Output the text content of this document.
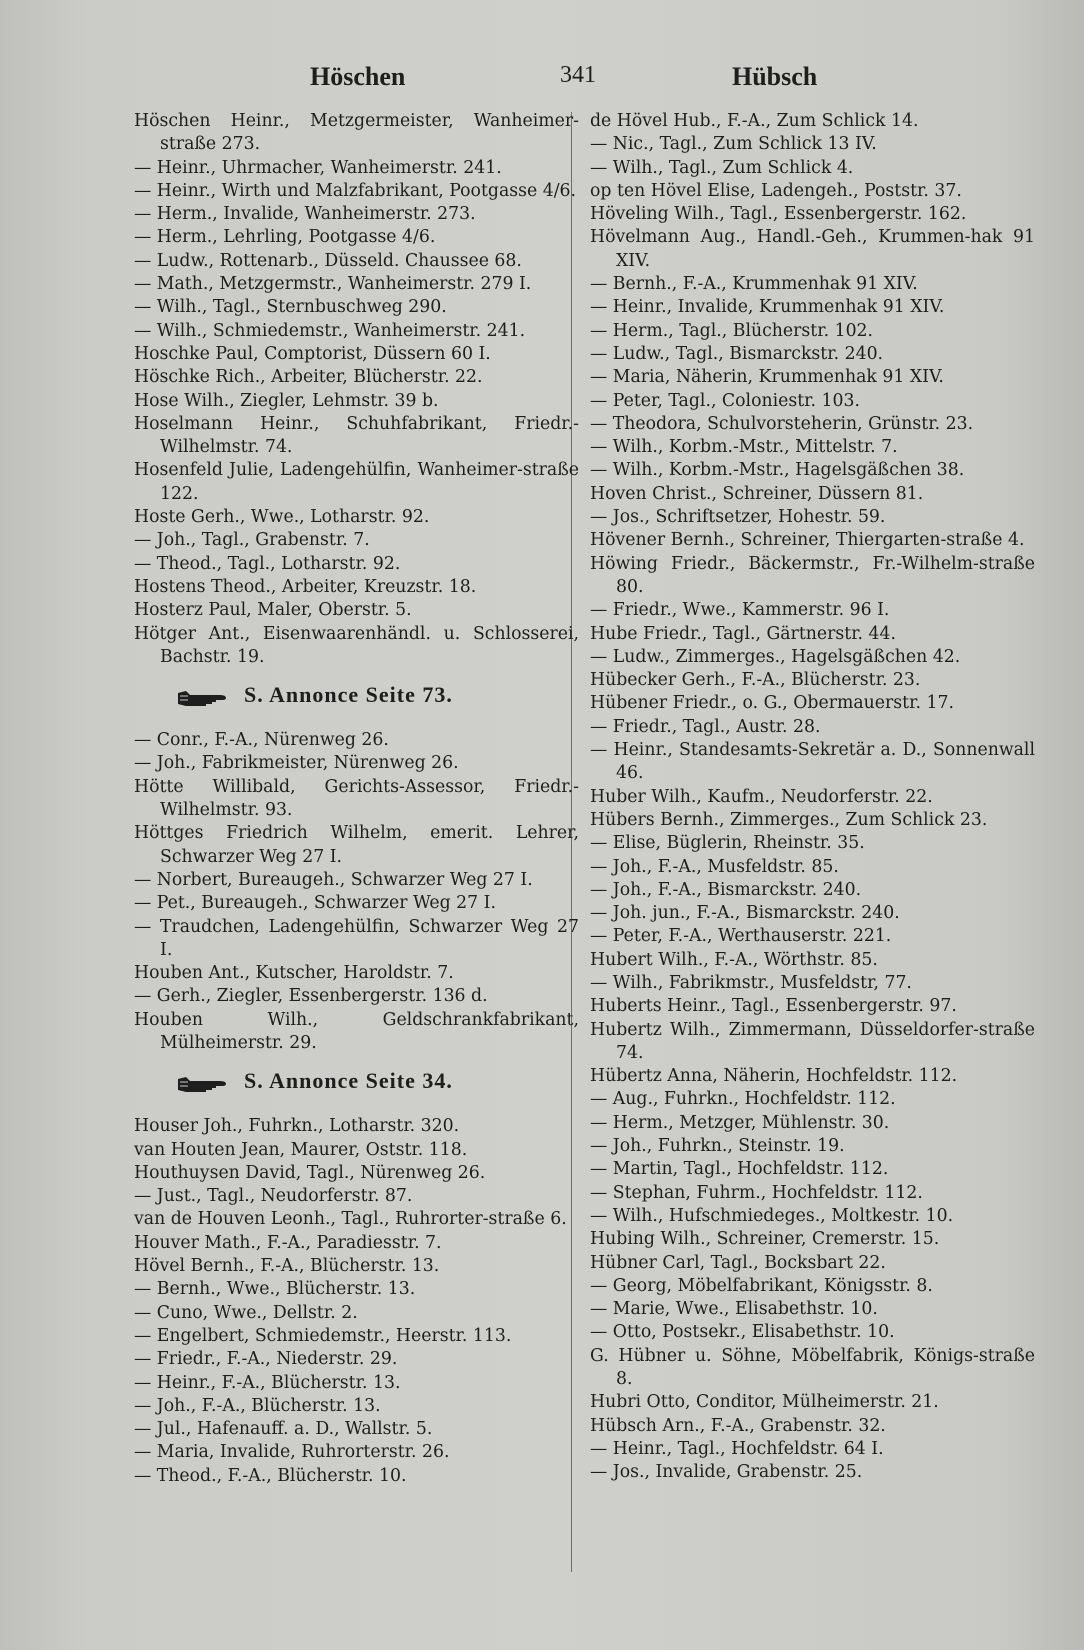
Höschen	341	Hübsch

Höschen Heinr., Metzgermeister, Wanheimer-straße 273.

— Heinr., Uhrmacher, Wanheimerstr. 241.

— Heinr., Wirth und Malzfabrikant, Pootgasse 4/6.

— Herm., Invalide, Wanheimerstr. 273.

— Herm., Lehrling, Pootgasse 4/6.

— Ludw., Rottenarb., Düsseld. Chaussee 68.

— Math., Metzgermstr., Wanheimerstr. 279 I.

— Wilh., Tagl., Sternbuschweg 290.

— Wilh., Schmiedemstr., Wanheimerstr. 241.

Hoschke Paul, Comptorist, Düssern 60 I.

Höschke Rich., Arbeiter, Blücherstr. 22.

Hose Wilh., Ziegler, Lehmstr. 39 b.

Hoselmann Heinr., Schuhfabrikant, Friedr.-Wilhelmstr. 74.

Hosenfeld Julie, Ladengehülfin, Wanheimer-straße 122.

Hoste Gerh., Wwe., Lotharstr. 92.

— Joh., Tagl., Grabenstr. 7.

— Theod., Tagl., Lotharstr. 92.

Hostens Theod., Arbeiter, Kreuzstr. 18.

Hosterz Paul, Maler, Oberstr. 5.

Hötger Ant., Eisenwaarenhändl. u. Schlosserei, Bachstr. 19.

S. Annonce Seite 73.

— Conr., F.-A., Nürenweg 26.

— Joh., Fabrikmeister, Nürenweg 26.

Hötte Willibald, Gerichts-Assessor, Friedr.-Wilhelmstr. 93.

Höttges Friedrich Wilhelm, emerit. Lehrer, Schwarzer Weg 27 I.

— Norbert, Bureaugeh., Schwarzer Weg 27 I.

— Pet., Bureaugeh., Schwarzer Weg 27 I.

— Traudchen, Ladengehülfin, Schwarzer Weg 27 I.

Houben Ant., Kutscher, Haroldstr. 7.

— Gerh., Ziegler, Essenbergerstr. 136 d.

Houben Wilh., Geldschrankfabrikant, Mülheimerstr. 29.

S. Annonce Seite 34.

Houser Joh., Fuhrkn., Lotharstr. 320.

van Houten Jean, Maurer, Oststr. 118.

Houthuysen David, Tagl., Nürenweg 26.

— Just., Tagl., Neudorferstr. 87.

van de Houven Leonh., Tagl., Ruhrorter-straße 6.

Houver Math., F.-A., Paradiesstr. 7.

Hövel Bernh., F.-A., Blücherstr. 13.

— Bernh., Wwe., Blücherstr. 13.

— Cuno, Wwe., Dellstr. 2.

— Engelbert, Schmiedemstr., Heerstr. 113.

— Friedr., F.-A., Niederstr. 29.

— Heinr., F.-A., Blücherstr. 13.

— Joh., F.-A., Blücherstr. 13.

— Jul., Hafenauff. a. D., Wallstr. 5.

— Maria, Invalide, Ruhrorterstr. 26.

— Theod., F.-A., Blücherstr. 10.

de Hövel Hub., F.-A., Zum Schlick 14.

— Nic., Tagl., Zum Schlick 13 IV.

— Wilh., Tagl., Zum Schlick 4.

op ten Hövel Elise, Ladengeh., Poststr. 37.

Höveling Wilh., Tagl., Essenbergerstr. 162.

Hövelmann Aug., Handl.-Geh., Krummen-hak 91 XIV.

— Bernh., F.-A., Krummenhak 91 XIV.

— Heinr., Invalide, Krummenhak 91 XIV.

— Herm., Tagl., Blücherstr. 102.

— Ludw., Tagl., Bismarckstr. 240.

— Maria, Näherin, Krummenhak 91 XIV.

— Peter, Tagl., Coloniestr. 103.

— Theodora, Schulvorsteherin, Grünstr. 23.

— Wilh., Korbm.-Mstr., Mittelstr. 7.

— Wilh., Korbm.-Mstr., Hagelsgäßchen 38.

Hoven Christ., Schreiner, Düssern 81.

— Jos., Schriftsetzer, Hohestr. 59.

Hövener Bernh., Schreiner, Thiergarten-straße 4.

Höwing Friedr., Bäckermstr., Fr.-Wilhelm-straße 80.

— Friedr., Wwe., Kammerstr. 96 I.

Hube Friedr., Tagl., Gärtnerstr. 44.

— Ludw., Zimmerges., Hagelsgäßchen 42.

Hübecker Gerh., F.-A., Blücherstr. 23.

Hübener Friedr., o. G., Obermauerstr. 17.

— Friedr., Tagl., Austr. 28.

— Heinr., Standesamts-Sekretär a. D., Sonnenwall 46.

Huber Wilh., Kaufm., Neudorferstr. 22.

Hübers Bernh., Zimmerges., Zum Schlick 23.

— Elise, Büglerin, Rheinstr. 35.

— Joh., F.-A., Musfeldstr. 85.

— Joh., F.-A., Bismarckstr. 240.

— Joh. jun., F.-A., Bismarckstr. 240.

— Peter, F.-A., Werthauserstr. 221.

Hubert Wilh., F.-A., Wörthstr. 85.

— Wilh., Fabrikmstr., Musfeldstr, 77.

Huberts Heinr., Tagl., Essenbergerstr. 97.

Hubertz Wilh., Zimmermann, Düsseldorfer-straße 74.

Hübertz Anna, Näherin, Hochfeldstr. 112.

— Aug., Fuhrkn., Hochfeldstr. 112.

— Herm., Metzger, Mühlenstr. 30.

— Joh., Fuhrkn., Steinstr. 19.

— Martin, Tagl., Hochfeldstr. 112.

— Stephan, Fuhrm., Hochfeldstr. 112.

— Wilh., Hufschmiedeges., Moltkestr. 10.

Hubing Wilh., Schreiner, Cremerstr. 15.

Hübner Carl, Tagl., Bocksbart 22.

— Georg, Möbelfabrikant, Königsstr. 8.

— Marie, Wwe., Elisabethstr. 10.

— Otto, Postsekr., Elisabethstr. 10.

G. Hübner u. Söhne, Möbelfabrik, Königs-straße 8.

Hubri Otto, Conditor, Mülheimerstr. 21.

Hübsch Arn., F.-A., Grabenstr. 32.

— Heinr., Tagl., Hochfeldstr. 64 I.

— Jos., Invalide, Grabenstr. 25.
